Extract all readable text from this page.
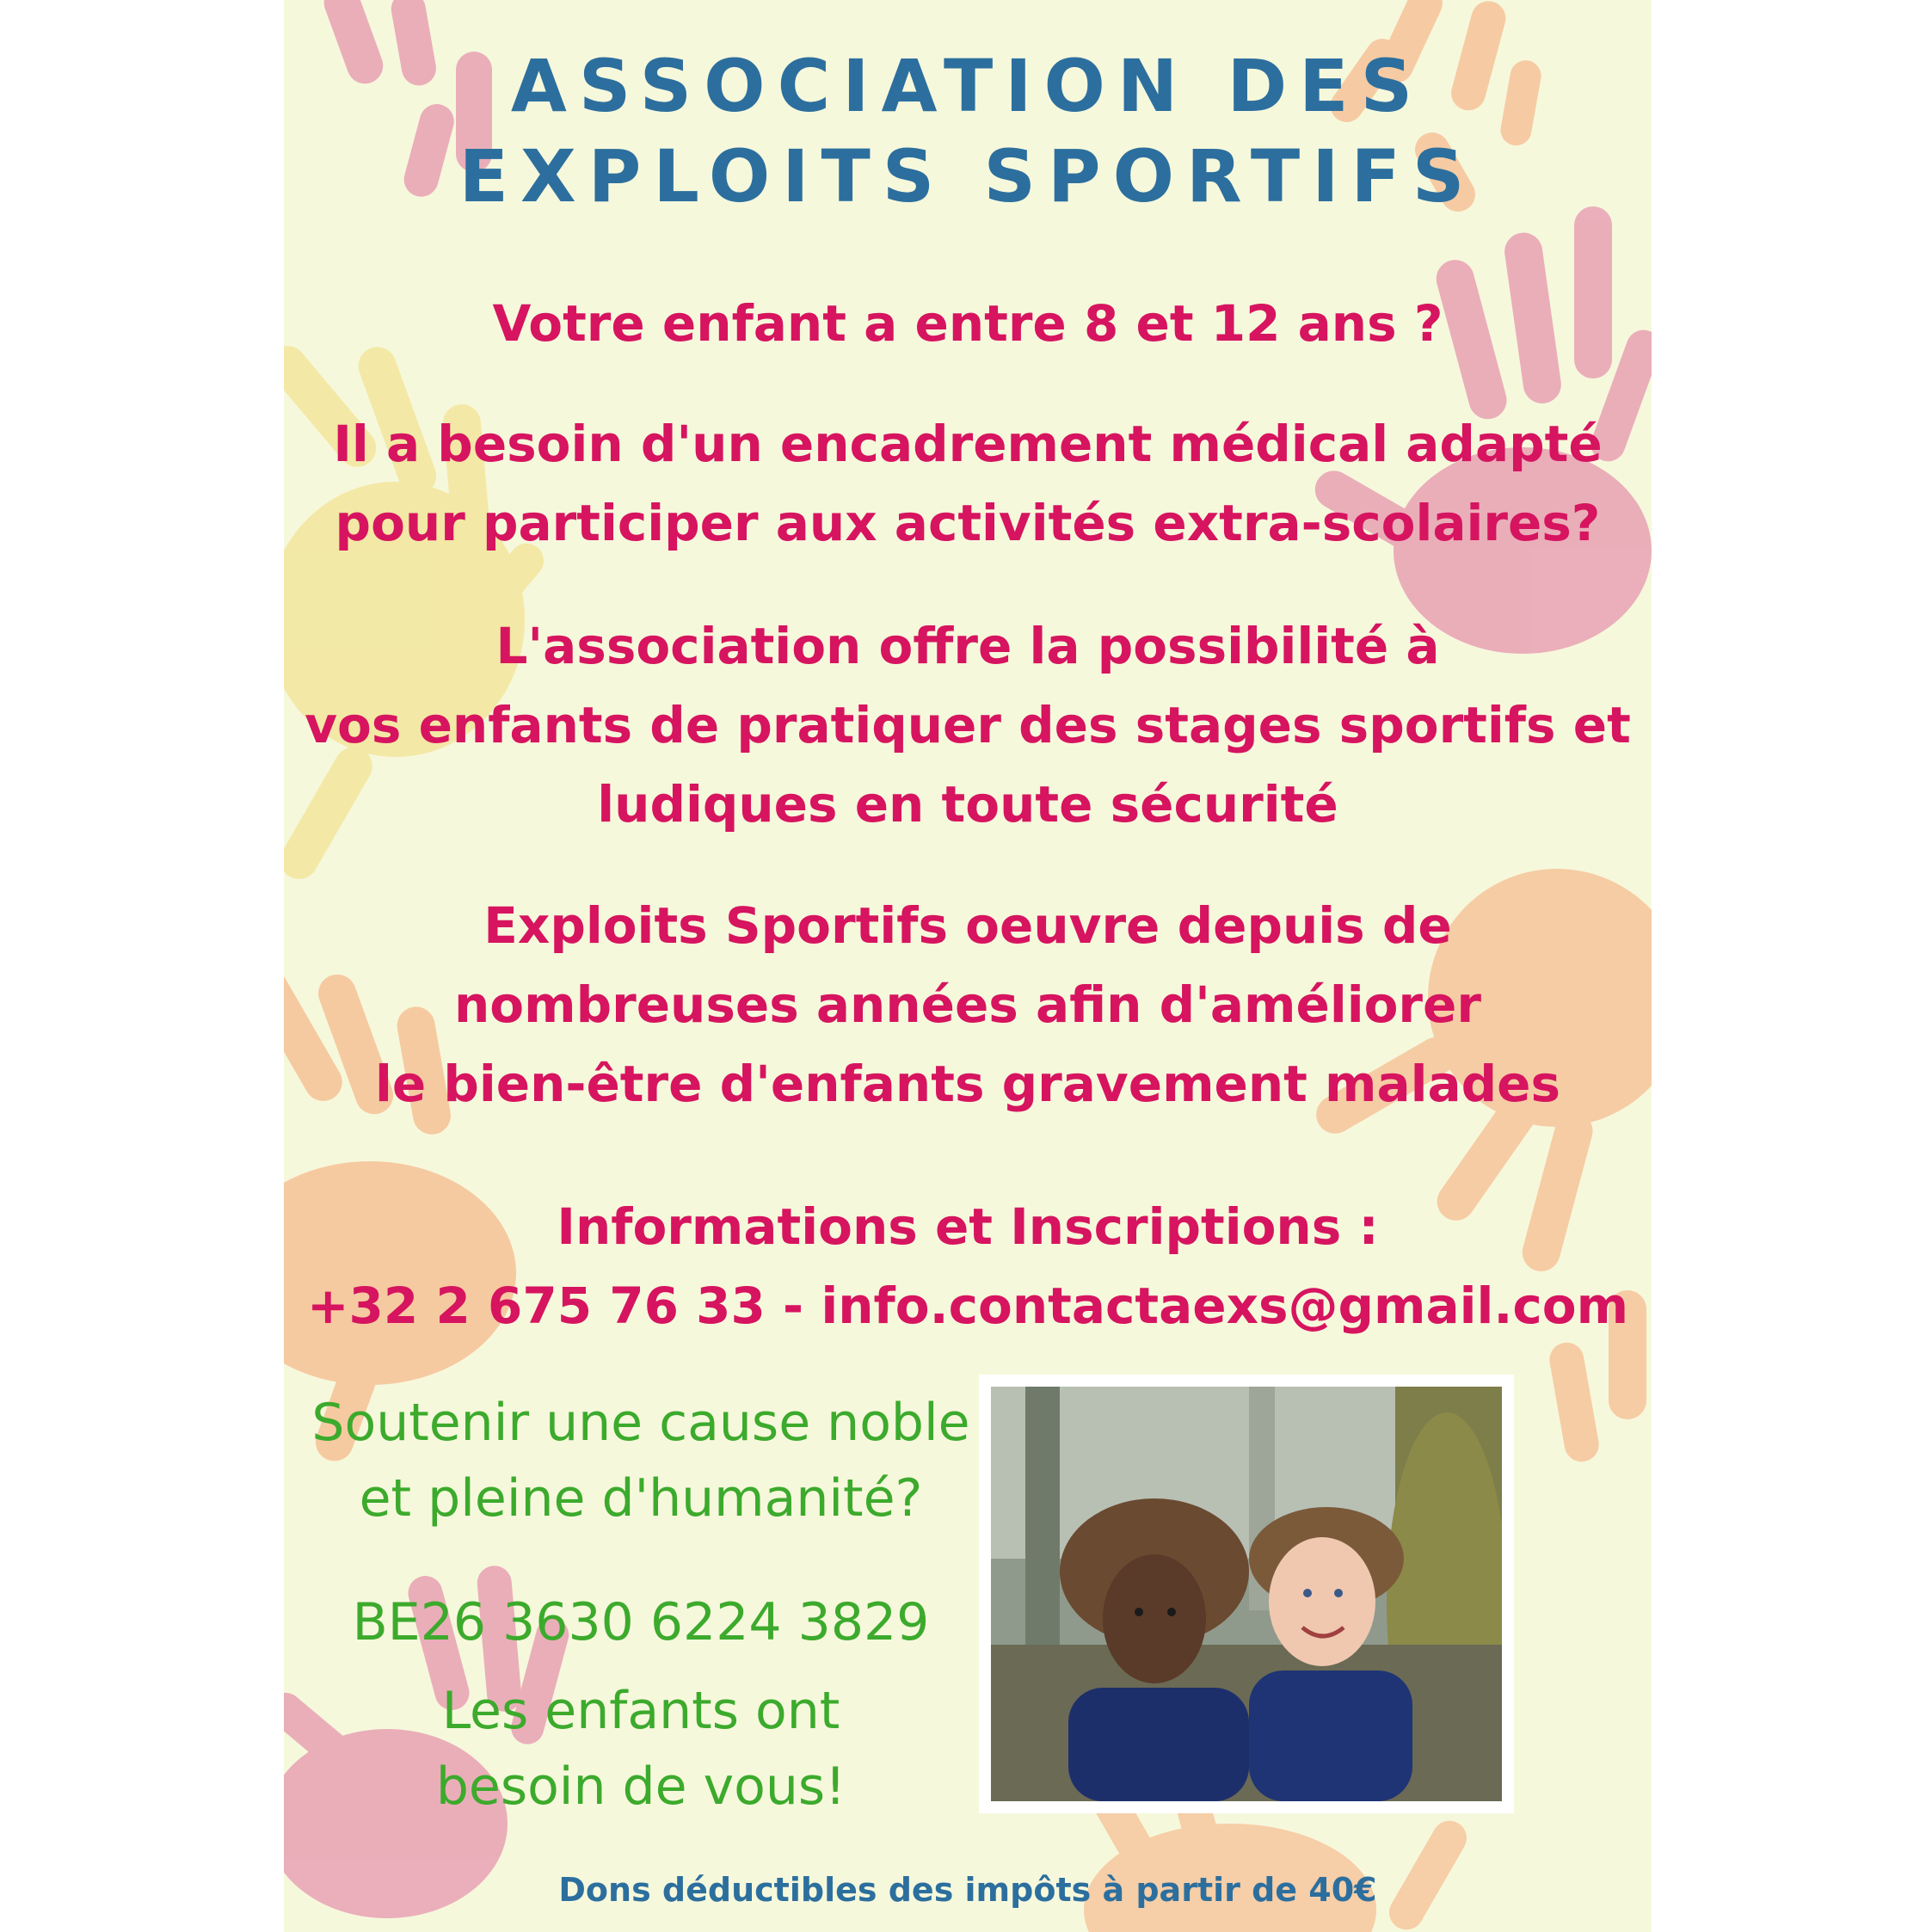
ASSOCIATION DES
EXPLOITS SPORTIFS
Votre enfant a entre 8 et 12 ans ?
Il a besoin d'un encadrement médical adapté
pour participer aux activités extra-scolaires?
L'association offre la possibilité à
vos enfants de pratiquer des stages sportifs et
ludiques en toute sécurité
Exploits Sportifs oeuvre depuis de
nombreuses années afin d'améliorer
le bien-être d'enfants gravement malades
Informations et Inscriptions :
+32 2 675 76 33 - info.contactaexs@gmail.com
Soutenir une cause noble
et pleine d'humanité?
BE26 3630 6224 3829
Les enfants ont
besoin de vous!
Dons déductibles des impôts à partir de 40€
